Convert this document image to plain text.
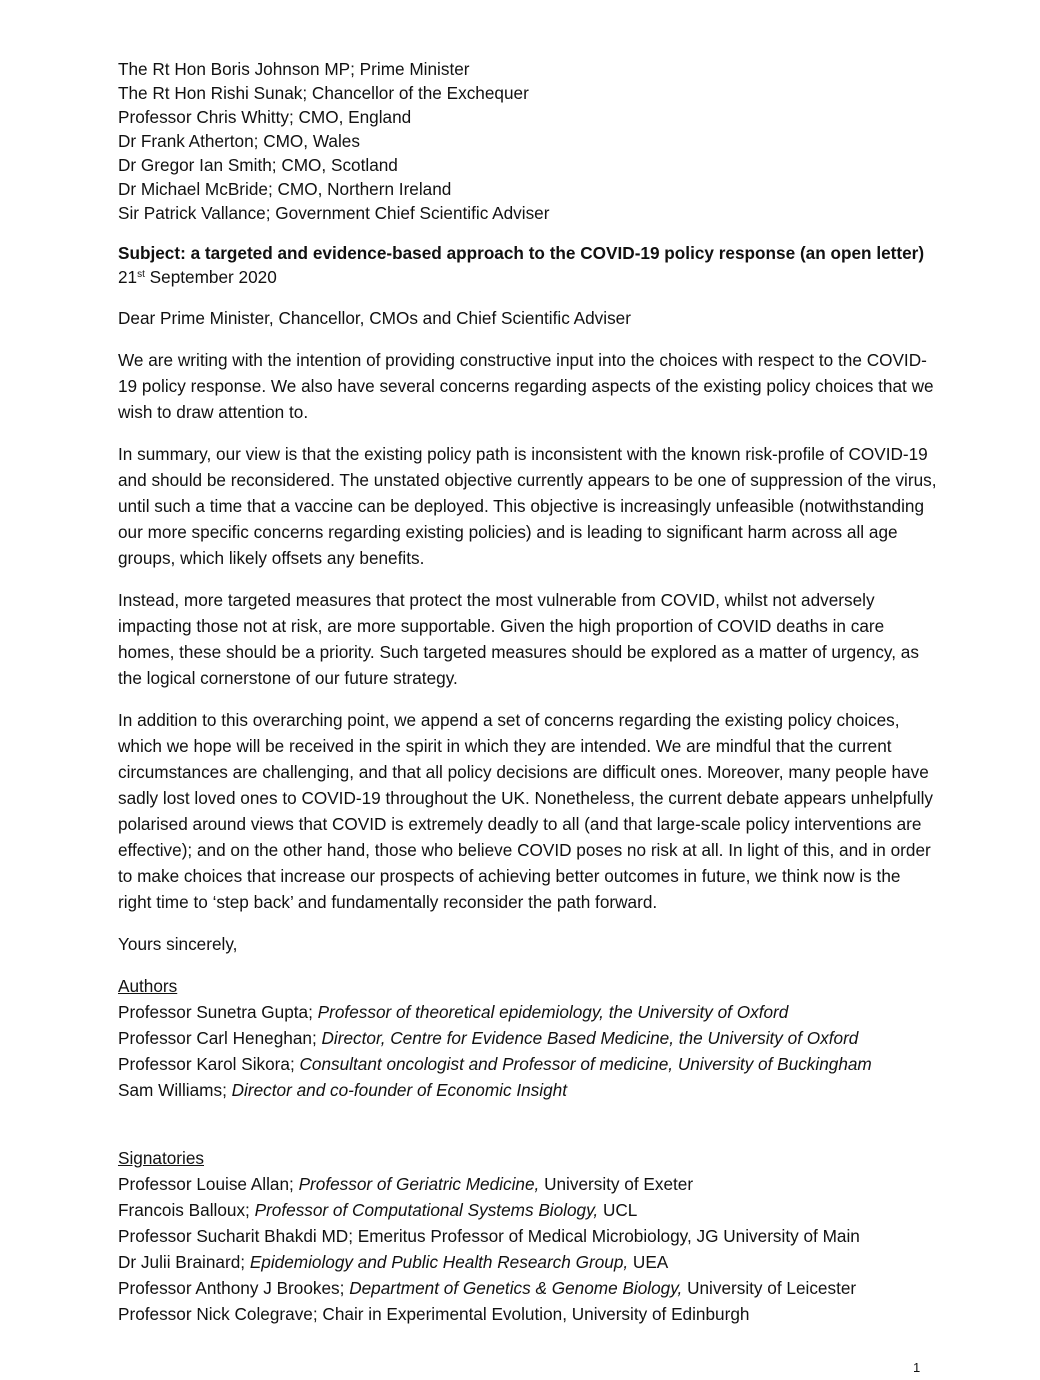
The Rt Hon Boris Johnson MP; Prime Minister
The Rt Hon Rishi Sunak; Chancellor of the Exchequer
Professor Chris Whitty; CMO, England
Dr Frank Atherton; CMO, Wales
Dr Gregor Ian Smith; CMO, Scotland
Dr Michael McBride; CMO, Northern Ireland
Sir Patrick Vallance; Government Chief Scientific Adviser
Subject: a targeted and evidence-based approach to the COVID-19 policy response (an open letter)
21st September 2020

Dear Prime Minister, Chancellor, CMOs and Chief Scientific Adviser

We are writing with the intention of providing constructive input into the choices with respect to the COVID-19 policy response. We also have several concerns regarding aspects of the existing policy choices that we wish to draw attention to.

In summary, our view is that the existing policy path is inconsistent with the known risk-profile of COVID-19 and should be reconsidered. The unstated objective currently appears to be one of suppression of the virus, until such a time that a vaccine can be deployed. This objective is increasingly unfeasible (notwithstanding our more specific concerns regarding existing policies) and is leading to significant harm across all age groups, which likely offsets any benefits.

Instead, more targeted measures that protect the most vulnerable from COVID, whilst not adversely impacting those not at risk, are more supportable. Given the high proportion of COVID deaths in care homes, these should be a priority. Such targeted measures should be explored as a matter of urgency, as the logical cornerstone of our future strategy.

In addition to this overarching point, we append a set of concerns regarding the existing policy choices, which we hope will be received in the spirit in which they are intended. We are mindful that the current circumstances are challenging, and that all policy decisions are difficult ones. Moreover, many people have sadly lost loved ones to COVID-19 throughout the UK. Nonetheless, the current debate appears unhelpfully polarised around views that COVID is extremely deadly to all (and that large-scale policy interventions are effective); and on the other hand, those who believe COVID poses no risk at all. In light of this, and in order to make choices that increase our prospects of achieving better outcomes in future, we think now is the right time to ‘step back’ and fundamentally reconsider the path forward.

Yours sincerely,

Authors
Professor Sunetra Gupta; Professor of theoretical epidemiology, the University of Oxford
Professor Carl Heneghan; Director, Centre for Evidence Based Medicine, the University of Oxford
Professor Karol Sikora; Consultant oncologist and Professor of medicine, University of Buckingham
Sam Williams; Director and co-founder of Economic Insight
Signatories
Professor Louise Allan; Professor of Geriatric Medicine, University of Exeter
Francois Balloux; Professor of Computational Systems Biology, UCL
Professor Sucharit Bhakdi MD; Emeritus Professor of Medical Microbiology, JG University of Main
Dr Julii Brainard; Epidemiology and Public Health Research Group, UEA
Professor Anthony J Brookes; Department of Genetics & Genome Biology, University of Leicester
Professor Nick Colegrave; Chair in Experimental Evolution, University of Edinburgh
1
